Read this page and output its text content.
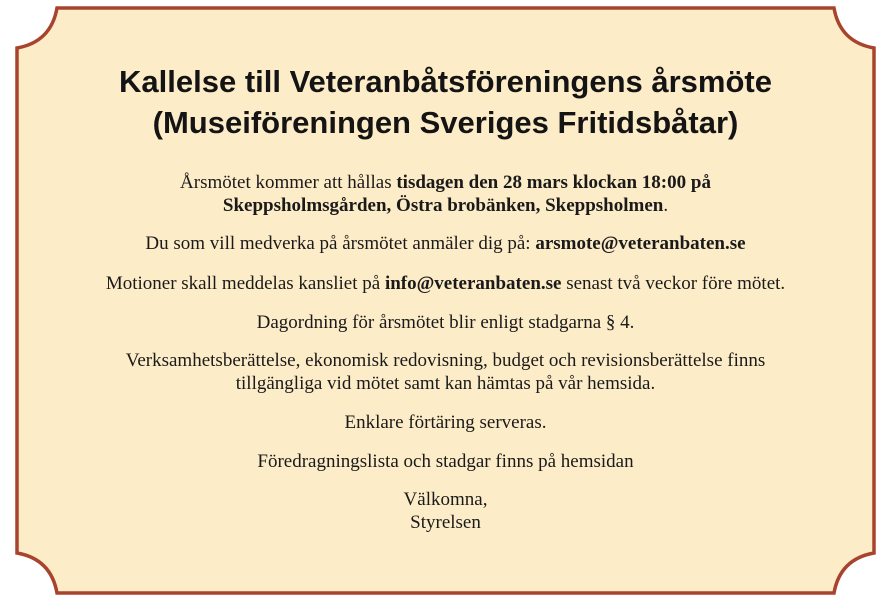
Kallelse till Veteranbåtsföreningens årsmöte
(Museiföreningen Sveriges Fritidsbåtar)

Årsmötet kommer att hållas tisdagen den 28 mars klockan 18:00 på

Skeppsholmsgården, Östra brobänken, Skeppsholmen.

Du som vill medverka på årsmötet anmäler dig på: arsmote@veteranbaten.se

Motioner skall meddelas kansliet på info@veteranbaten.se senast två veckor före mötet.

Dagordning för årsmötet blir enligt stadgarna § 4.

Verksamhetsberättelse, ekonomisk redovisning, budget och revisionsberättelse finns

tillgängliga vid mötet samt kan hämtas på vår hemsida.

Enklare förtäring serveras.

Föredragningslista och stadgar finns på hemsidan

Välkomna,

Styrelsen
